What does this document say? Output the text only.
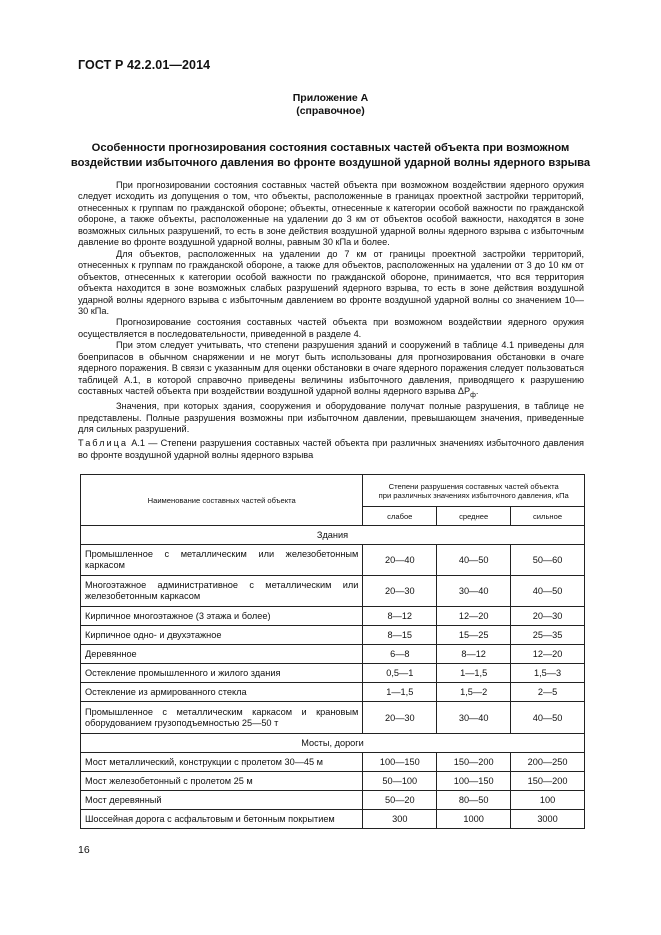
ГОСТ Р 42.2.01—2014
Приложение А
(справочное)
Особенности прогнозирования состояния составных частей объекта при возможном воздействии избыточного давления во фронте воздушной ударной волны ядерного взрыва

При прогнозировании состояния составных частей объекта при возможном воздействии ядерного оружия следует исходить из допущения о том, что объекты, расположенные в границах проектной застройки территорий, отнесенных к группам по гражданской обороне; объекты, отнесенные к категории особой важности по гражданской обороне, а также объекты, расположенные на удалении до 3 км от объектов особой важности, находятся в зоне возможных сильных разрушений, то есть в зоне действия воздушной ударной волны ядерного взрыва с избыточным давление во фронте воздушной ударной волны, равным 30 кПа и более.

Для объектов, расположенных на удалении до 7 км от границы проектной застройки территорий, отнесенных к группам по гражданской обороне, а также для объектов, расположенных на удалении от 3 до 10 км от объектов, отнесенных к категории особой важности по гражданской обороне, принимается, что вся территория объекта находится в зоне возможных слабых разрушений ядерного взрыва, то есть в зоне действия воздушной ударной волны ядерного взрыва с избыточным давлением во фронте воздушной ударной волны со значением 10—30 кПа.

Прогнозирование состояния составных частей объекта при возможном воздействии ядерного оружия осуществляется в последовательности, приведенной в разделе 4.

При этом следует учитывать, что степени разрушения зданий и сооружений в таблице 4.1 приведены для боеприпасов в обычном снаряжении и не могут быть использованы для прогнозирования обстановки в очаге ядерного поражения. В связи с указанным для оценки обстановки в очаге ядерного поражения следует пользоваться таблицей А.1, в которой справочно приведены величины избыточного давления, приводящего к разрушению составных частей объекта при воздействии воздушной ударной волны ядерного взрыва $\Delta P_ф$.

Значения, при которых здания, сооружения и оборудование получат полные разрушения, в таблице не представлены. Полные разрушения возможны при избыточном давлении, превышающем значения, приведенные для сильных разрушений.

Таблица А.1 — Степени разрушения составных частей объекта при различных значениях избыточного давления во фронте воздушной ударной волны ядерного взрыва
Наименование составных частей объекта	Степени разрушения составных частей объекта
при различных значениях избыточного давления, кПа		

	слабое	среднее	сильное
Здания			
Промышленное с металлическим или железобетонным каркасом	20—40	40—50	50—60
Многоэтажное административное с металлическим или железобетонным каркасом	20—30	30—40	40—50
Кирпичное многоэтажное (3 этажа и более)	8—12	12—20	20—30
Кирпичное одно- и двухэтажное	8—15	15—25	25—35
Деревянное	6—8	8—12	12—20
Остекление промышленного и жилого здания	0,5—1	1—1,5	1,5—3
Остекление из армированного стекла	1—1,5	1,5—2	2—5
Промышленное с металлическим каркасом и крановым оборудованием грузоподъемностью 25—50 т	20—30	30—40	40—50
Мосты, дороги			
Мост металлический, конструкции с пролетом 30—45 м	100—150	150—200	200—250
Мост железобетонный с пролетом 25 м	50—100	100—150	150—200
Мост деревянный	50—20	80—50	100
Шоссейная дорога с асфальтовым и бетонным покрытием	300	1000	3000
16
